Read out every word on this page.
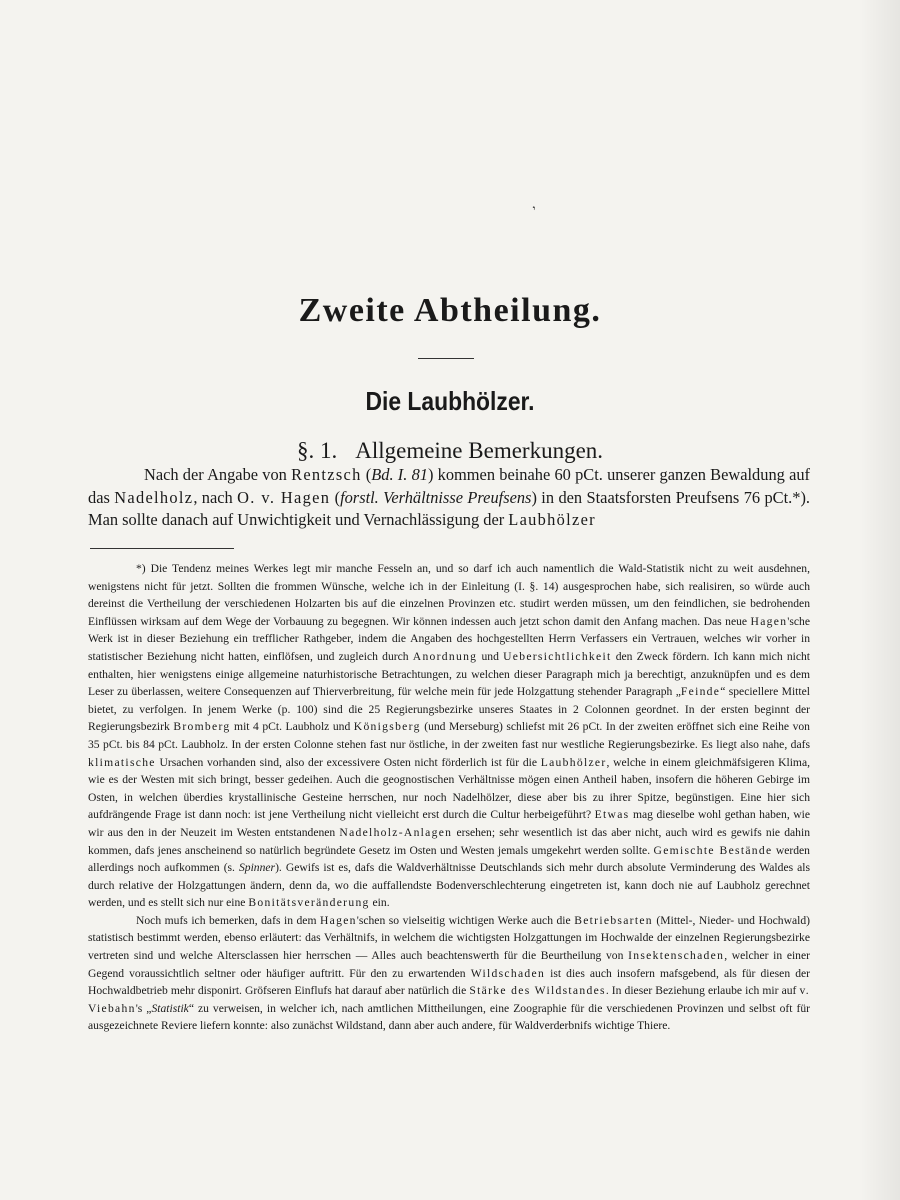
ʼ
Zweite Abtheilung.
Die Laubhölzer.
§. 1. Allgemeine Bemerkungen.
Nach der Angabe von Rentzsch (Bd. I. 81) kommen beinahe 60 pCt. unserer ganzen Bewaldung auf das Nadelholz, nach O. v. Hagen (forstl. Verhältnisse Preufsens) in den Staatsforsten Preufsens 76 pCt.*). Man sollte danach auf Unwichtigkeit und Vernachlässigung der Laubhölzer

*) Die Tendenz meines Werkes legt mir manche Fesseln an, und so darf ich auch namentlich die Wald-Statistik nicht zu weit ausdehnen, wenigstens nicht für jetzt. Sollten die frommen Wünsche, welche ich in der Einleitung (I. §. 14) ausgesprochen habe, sich realisiren, so würde auch dereinst die Vertheilung der verschiedenen Holzarten bis auf die einzelnen Provinzen etc. studirt werden müssen, um den feindlichen, sie bedrohenden Einflüssen wirksam auf dem Wege der Vorbauung zu begegnen. Wir können indessen auch jetzt schon damit den Anfang machen. Das neue Hagen'sche Werk ist in dieser Beziehung ein trefflicher Rathgeber, indem die Angaben des hochgestellten Herrn Verfassers ein Vertrauen, welches wir vorher in statistischer Beziehung nicht hatten, einflöfsen, und zugleich durch Anordnung und Uebersichtlichkeit den Zweck fördern. Ich kann mich nicht enthalten, hier wenigstens einige allgemeine naturhistorische Betrachtungen, zu welchen dieser Paragraph mich ja berechtigt, anzuknüpfen und es dem Leser zu überlassen, weitere Consequenzen auf Thierverbreitung, für welche mein für jede Holzgattung stehender Paragraph „Feinde“ speciellere Mittel bietet, zu verfolgen. In jenem Werke (p. 100) sind die 25 Regierungsbezirke unseres Staates in 2 Colonnen geordnet. In der ersten beginnt der Regierungsbezirk Bromberg mit 4 pCt. Laubholz und Königsberg (und Merseburg) schliefst mit 26 pCt. In der zweiten eröffnet sich eine Reihe von 35 pCt. bis 84 pCt. Laubholz. In der ersten Colonne stehen fast nur östliche, in der zweiten fast nur westliche Regierungsbezirke. Es liegt also nahe, dafs klimatische Ursachen vorhanden sind, also der excessivere Osten nicht förderlich ist für die Laubhölzer, welche in einem gleichmäfsigeren Klima, wie es der Westen mit sich bringt, besser gedeihen. Auch die geognostischen Verhältnisse mögen einen Antheil haben, insofern die höheren Gebirge im Osten, in welchen überdies krystallinische Gesteine herrschen, nur noch Nadelhölzer, diese aber bis zu ihrer Spitze, begünstigen. Eine hier sich aufdrängende Frage ist dann noch: ist jene Vertheilung nicht vielleicht erst durch die Cultur herbeigeführt? Etwas mag dieselbe wohl gethan haben, wie wir aus den in der Neuzeit im Westen entstandenen Nadelholz-Anlagen ersehen; sehr wesentlich ist das aber nicht, auch wird es gewifs nie dahin kommen, dafs jenes anscheinend so natürlich begründete Gesetz im Osten und Westen jemals umgekehrt werden sollte. Gemischte Bestände werden allerdings noch aufkommen (s. Spinner). Gewifs ist es, dafs die Waldverhältnisse Deutschlands sich mehr durch absolute Verminderung des Waldes als durch relative der Holzgattungen ändern, denn da, wo die auffallendste Bodenverschlechterung eingetreten ist, kann doch nie auf Laubholz gerechnet werden, und es stellt sich nur eine Bonitätsveränderung ein.

Noch mufs ich bemerken, dafs in dem Hagen'schen so vielseitig wichtigen Werke auch die Betriebsarten (Mittel-, Nieder- und Hochwald) statistisch bestimmt werden, ebenso erläutert: das Verhältnifs, in welchem die wichtigsten Holzgattungen im Hochwalde der einzelnen Regierungsbezirke vertreten sind und welche Altersclassen hier herrschen — Alles auch beachtenswerth für die Beurtheilung von Insektenschaden, welcher in einer Gegend voraussichtlich seltner oder häufiger auftritt. Für den zu erwartenden Wildschaden ist dies auch insofern mafsgebend, als für diesen der Hochwaldbetrieb mehr disponirt. Gröfseren Einflufs hat darauf aber natürlich die Stärke des Wildstandes. In dieser Beziehung erlaube ich mir auf v. Viebahn's „Statistik“ zu verweisen, in welcher ich, nach amtlichen Mittheilungen, eine Zoographie für die verschiedenen Provinzen und selbst oft für ausgezeichnete Reviere liefern konnte: also zunächst Wildstand, dann aber auch andere, für Waldverderbnifs wichtige Thiere.
